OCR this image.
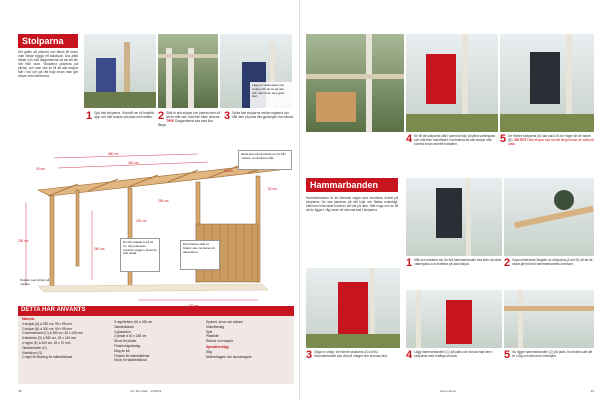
Stolparna
Det gäller att planera och tänka till innan man börjar bygga ett takskydd. Dra alltid trådar och mät diagonalerna så att allt blir rätt från start. Stolparna placeras på plintar, och man ska se till att alla stolpar står i lod och på rätt höjd innan man går vidare med bärlinorna.
Lägg en vattenpass mot stolpen för att se att den står rakt innan den gjuts fast.
1 Gjut fast stolparna. Grävhål ner till frostfritt djup och sätt stolpen på plats med stöttor. 2 Ställ ut alla stolpar och justera dem så att de står rakt, mät från både sidorna. TIPS! Diagonalerna ska vara lika långa.
3 Spika fast stolparna mellan reglarna och håll dem på plats tills gjutningen har härdat.
480 cm
420 cm
230 cm
260 cm
220 cm
290 cm
30 cm	30 cm
52 cm
Detta ska stå på plintar en bit från marken, kontrollera mått.
De blå stolparna på 10 cm höjd placeras innanför väggen så att de står dolda.
Ett bärande skikt av bräder ska monteras på takstolarna.
Stolpar med plintar på marken
DETTA HAR ANVÄNTS

Material:

4 stolpar (A) à 280 cm, 95 x 95 mm

2 stolpar (B) à 300 cm, 95 x 95 mm

2 hammarband (C) à 480 cm, 45 x 195 mm

6 takstolar (D) à 380 cm, 45 x 145 mm

4 reglar (E) à 300 cm, 45 x 70 mm

Takfotsbräder (G)

Vindskivor (G)

2 regel till fästning för takbeklädnad

3 regelbrädor (H) à 420 cm

Takbeklädnad

4 glasskivor

2 plintar à 60 x 180 cm

Skruv för plintar

Förankringsbeslag

Stag av trä

Fönster för takbeklädnad

Skruv för takbeklädnad

Dyckert, skruv och ankare

Vinkelbeslag

Spik

Plastfolie

Rännor och stuprör

Specialverktyg:

Såg

Mutterdragare och skruvdragare

48	Gör Det Själv · 10/2019
4 Se till att stolparna står i samma höjd. Använd vattenpass och mät från markfästet. Kontrollera att alla stolpar står korrekt innan arbetet fortsätter.	5 De främre stolparna (A) ska vara 25 cm högre än de bakre (B). VIKTIGT! Alla stolpar ska ha rätt längd innan de sätts på plats.
Hammarbanden
Hammarbanden är de bärande reglar som monteras överst på stolparna. De ska placeras på rätt höjd och fästas ordentligt, eftersom hela taket kommer att vila på dem. Mät noga och se till att de ligger i våg innan de skruvas fast i stolparna.
1 Mät och markera var de två hammarbanden ska sitta. Använd vattenpass och markera på alla stolpar.	2 Kapa resterande längder av stolparna (A och B) så att de slutar jämnt med hammarbandets överkant.
3 Såga ur urtag i de främre stolparna (A och B). Hammarbandet ska vila på urtaget och skruvas fast.	4 Lägg hammarbanden (C) på plats och skruva fast dem i stolparna med kraftiga skruvar.	5 Nu ligger hammarbanden (C) på plats. Kontrollera att allt är i våg och fäst med vinkeljärn.
www.gds.se	49
